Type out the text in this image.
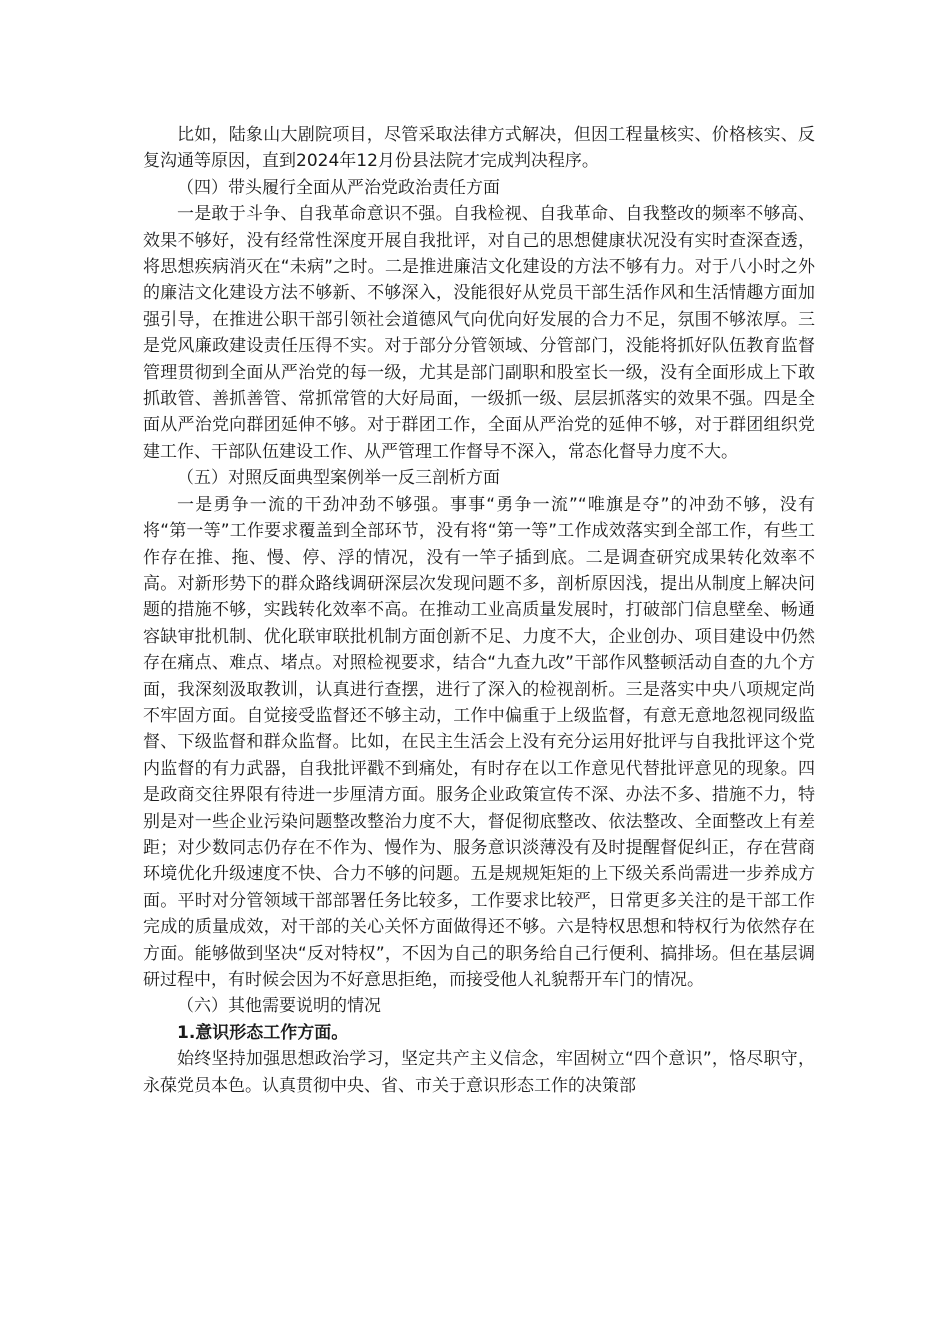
比如，陆象山大剧院项目，尽管采取法律方式解决，但因工程量核实、价格核实、反复沟通等原因，直到2024年12月份县法院才完成判决程序。

（四）带头履行全面从严治党政治责任方面

一是敢于斗争、自我革命意识不强。自我检视、自我革命、自我整改的频率不够高、效果不够好，没有经常性深度开展自我批评，对自己的思想健康状况没有实时查深查透，将思想疾病消灭在“未病”之时。二是推进廉洁文化建设的方法不够有力。对于八小时之外的廉洁文化建设方法不够新、不够深入，没能很好从党员干部生活作风和生活情趣方面加强引导，在推进公职干部引领社会道德风气向优向好发展的合力不足，氛围不够浓厚。三是党风廉政建设责任压得不实。对于部分分管领域、分管部门，没能将抓好队伍教育监督管理贯彻到全面从严治党的每一级，尤其是部门副职和股室长一级，没有全面形成上下敢抓敢管、善抓善管、常抓常管的大好局面，一级抓一级、层层抓落实的效果不强。四是全面从严治党向群团延伸不够。对于群团工作，全面从严治党的延伸不够，对于群团组织党建工作、干部队伍建设工作、从严管理工作督导不深入，常态化督导力度不大。

（五）对照反面典型案例举一反三剖析方面

一是勇争一流的干劲冲劲不够强。事事“勇争一流”“唯旗是夺”的冲劲不够，没有将“第一等”工作要求覆盖到全部环节，没有将“第一等”工作成效落实到全部工作，有些工作存在推、拖、慢、停、浮的情况，没有一竿子插到底。二是调查研究成果转化效率不高。对新形势下的群众路线调研深层次发现问题不多，剖析原因浅，提出从制度上解决问题的措施不够，实践转化效率不高。在推动工业高质量发展时，打破部门信息壁垒、畅通容缺审批机制、优化联审联批机制方面创新不足、力度不大，企业创办、项目建设中仍然存在痛点、难点、堵点。对照检视要求，结合“九查九改”干部作风整顿活动自查的九个方面，我深刻汲取教训，认真进行查摆，进行了深入的检视剖析。三是落实中央八项规定尚不牢固方面。自觉接受监督还不够主动，工作中偏重于上级监督，有意无意地忽视同级监督、下级监督和群众监督。比如，在民主生活会上没有充分运用好批评与自我批评这个党内监督的有力武器，自我批评戳不到痛处，有时存在以工作意见代替批评意见的现象。四是政商交往界限有待进一步厘清方面。服务企业政策宣传不深、办法不多、措施不力，特别是对一些企业污染问题整改整治力度不大，督促彻底整改、依法整改、全面整改上有差距；对少数同志仍存在不作为、慢作为、服务意识淡薄没有及时提醒督促纠正，存在营商环境优化升级速度不快、合力不够的问题。五是规规矩矩的上下级关系尚需进一步养成方面。平时对分管领域干部部署任务比较多，工作要求比较严，日常更多关注的是干部工作完成的质量成效，对干部的关心关怀方面做得还不够。六是特权思想和特权行为依然存在方面。能够做到坚决“反对特权”，不因为自己的职务给自己行便利、搞排场。但在基层调研过程中，有时候会因为不好意思拒绝，而接受他人礼貌帮开车门的情况。

（六）其他需要说明的情况

1.意识形态工作方面。

始终坚持加强思想政治学习，坚定共产主义信念，牢固树立“四个意识”，恪尽职守，永葆党员本色。认真贯彻中央、省、市关于意识形态工作的决策部
